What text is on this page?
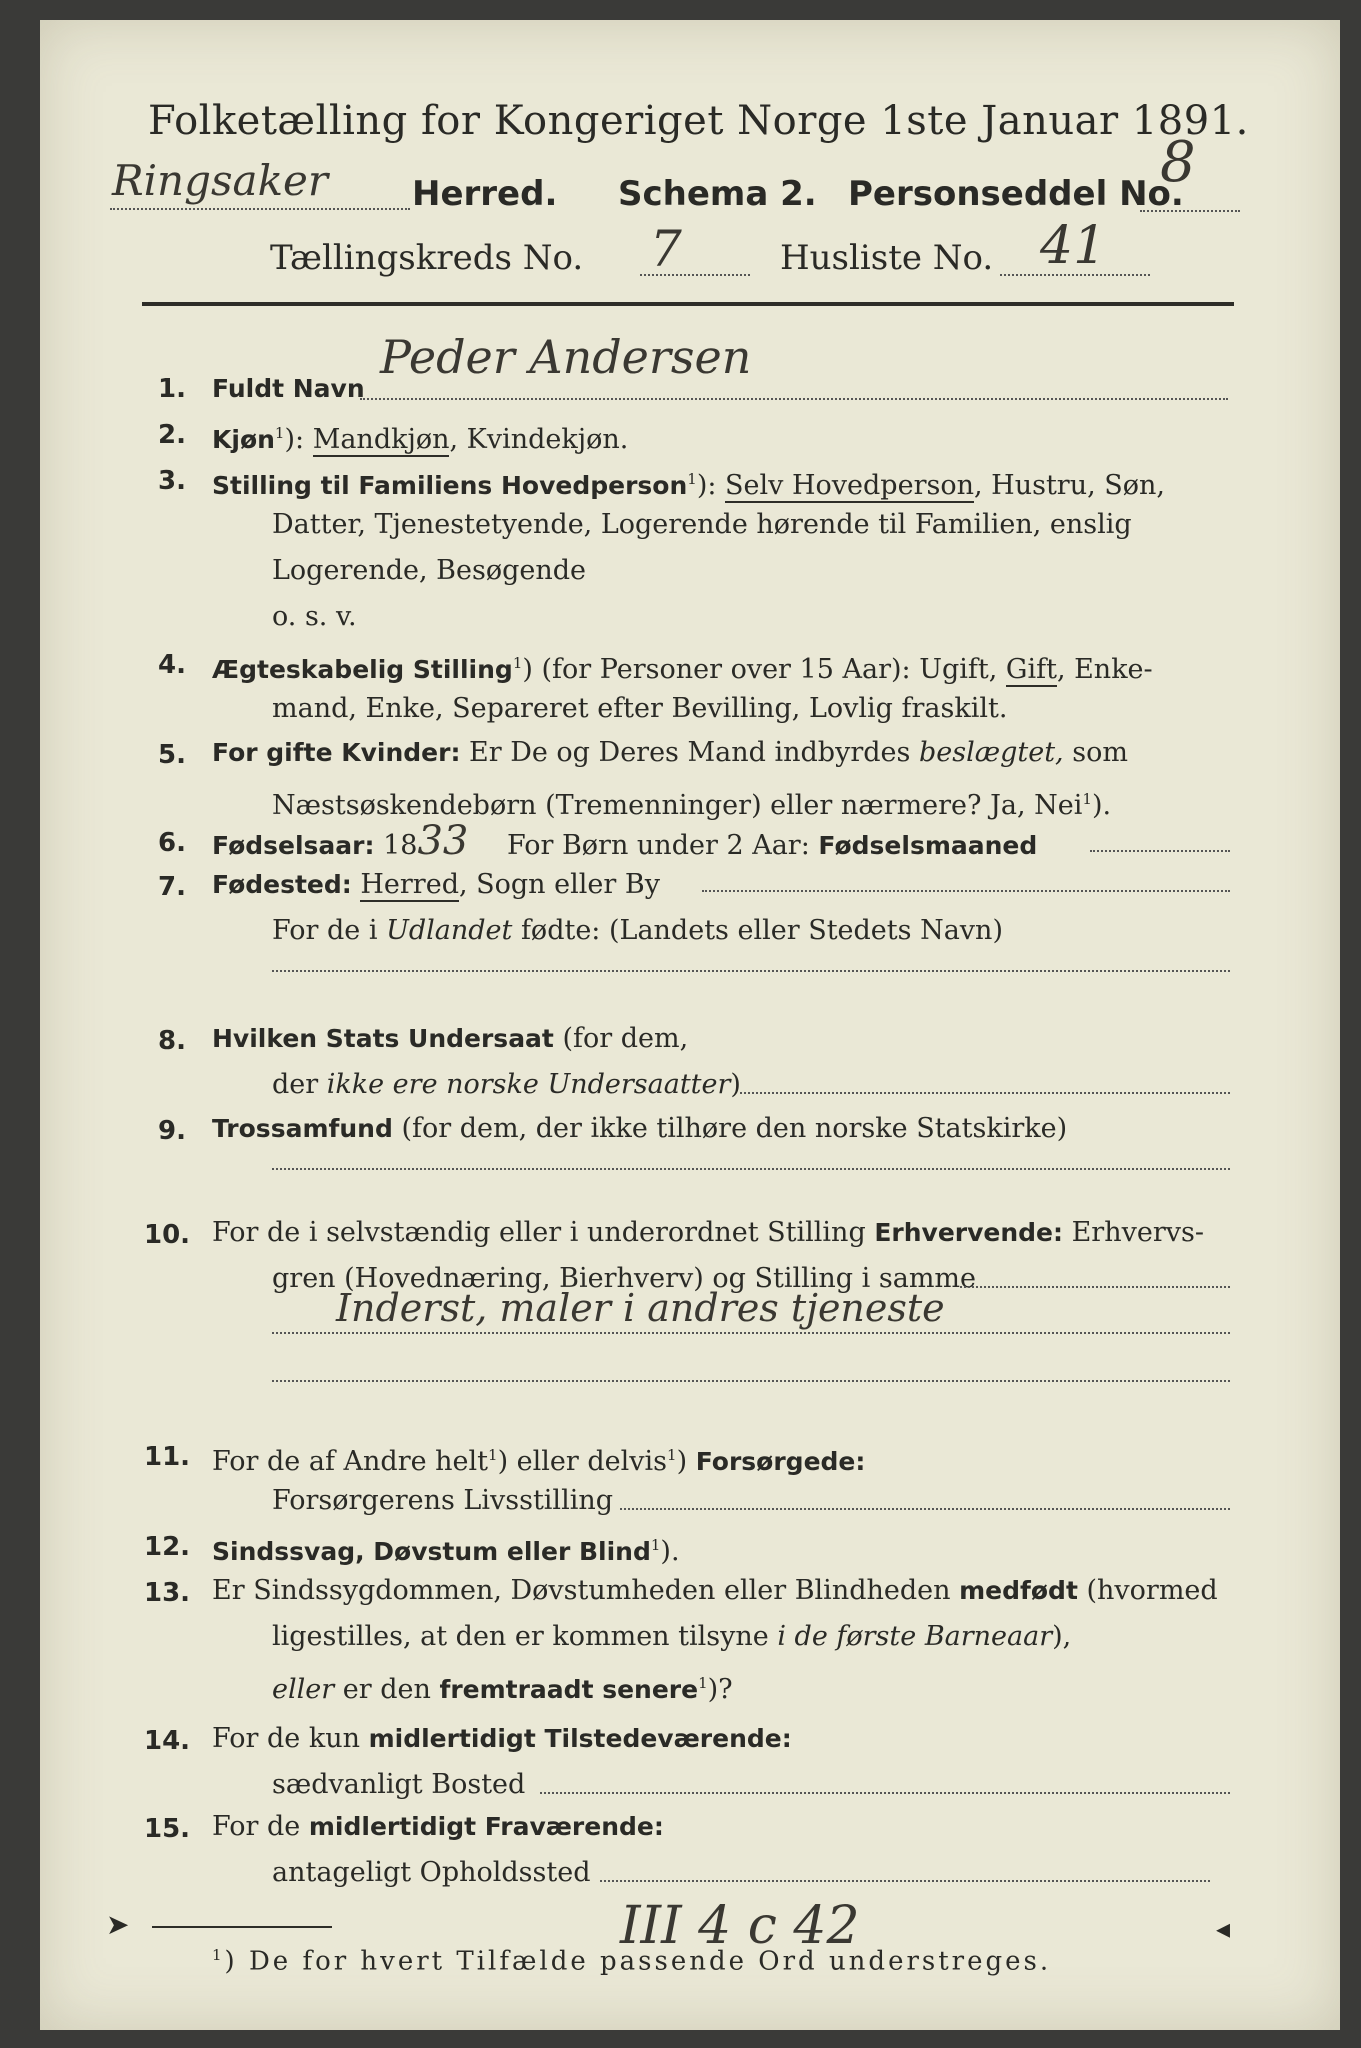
Folketælling for Kongeriget Norge 1ste Januar 1891.
Ringsaker Herred. Schema 2. Personseddel No.
8
Tællingskreds No. 7	Husliste No. 41
1. Fuldt Navn
Peder Andersen
2. Kjøn$^1$): Mandkjøn, Kvindekjøn.
3. Stilling til Familiens Hovedperson$^1$): Selv Hovedperson, Hustru, Søn,
Datter, Tjenestetyende, Logerende hørende til Familien, enslig
Logerende, Besøgende
o. s. v.
4. Ægteskabelig Stilling$^1$) (for Personer over 15 Aar): Ugift, Gift, Enke-
mand, Enke, Separeret efter Bevilling, Lovlig fraskilt.
5. For gifte Kvinder: Er De og Deres Mand indbyrdes beslægtet, som
Næstsøskendebørn (Tremenninger) eller nærmere? Ja, Nei$^1$).
6. Fødselsaar: 1833 For Børn under 2 Aar: Fødselsmaaned
7. Fødested: Herred, Sogn eller By
For de i Udlandet fødte: (Landets eller Stedets Navn)
8. Hvilken Stats Undersaat (for dem,
der ikke ere norske Undersaatter)
9. Trossamfund (for dem, der ikke tilhøre den norske Statskirke)
10. For de i selvstændig eller i underordnet Stilling Erhvervende: Erhvervs-
gren (Hovednæring, Bierhverv) og Stilling i samme
Inderst, maler i andres tjeneste
11. For de af Andre helt$^1$) eller delvis$^1$) Forsørgede:
Forsørgerens Livsstilling
12. Sindssvag, Døvstum eller Blind$^1$).
13. Er Sindssygdommen, Døvstumheden eller Blindheden medfødt (hvormed
ligestilles, at den er kommen tilsyne i de første Barneaar),
eller er den fremtraadt senere$^1$)?
14. For de kun midlertidigt Tilstedeværende:
sædvanligt Bosted
15. For de midlertidigt Fraværende:
antageligt Opholdssted
$^1$) De for hvert Tilfælde passende Ord understreges.
III 4 c 42
➤	◂
